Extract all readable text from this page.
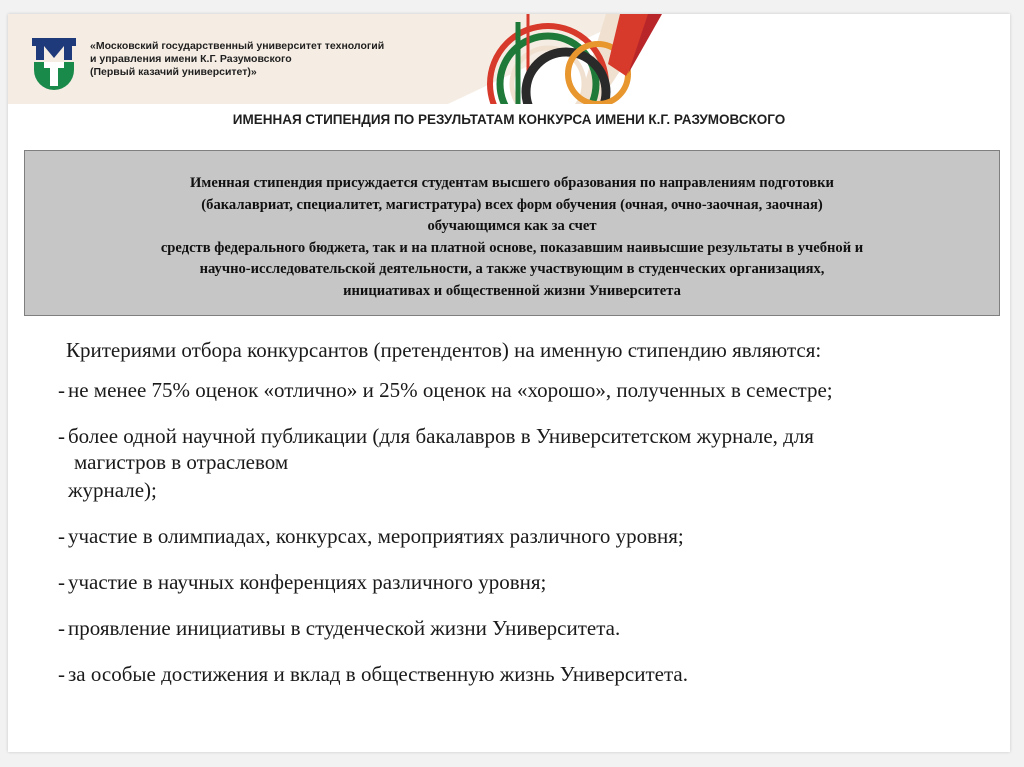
«Московский государственный университет технологий
и управления имени К.Г. Разумовского
(Первый казачий университет)»
ИМЕННАЯ СТИПЕНДИЯ ПО РЕЗУЛЬТАТАМ КОНКУРСА ИМЕНИ К.Г. РАЗУМОВСКОГО
Именная стипендия присуждается студентам высшего образования по направлениям подготовки
(бакалавриат, специалитет, магистратура) всех форм обучения (очная, очно-заочная, заочная)
обучающимся как за счет
средств федерального бюджета, так и на платной основе, показавшим наивысшие результаты в учебной и
научно-исследовательской деятельности, а также участвующим в студенческих организациях,
инициативах и общественной жизни Университета
Критериями отбора конкурсантов (претендентов) на именную стипендию являются:
- не менее 75% оценок «отлично» и 25% оценок на «хорошо», полученных в семестре;
- более одной научной публикации (для бакалавров в Университетском журнале, для
магистров в отраслевом
журнале);
- участие в олимпиадах, конкурсах, мероприятиях различного уровня;
- участие в научных конференциях различного уровня;
- проявление инициативы в студенческой жизни Университета.
- за особые достижения и вклад в общественную жизнь Университета.
